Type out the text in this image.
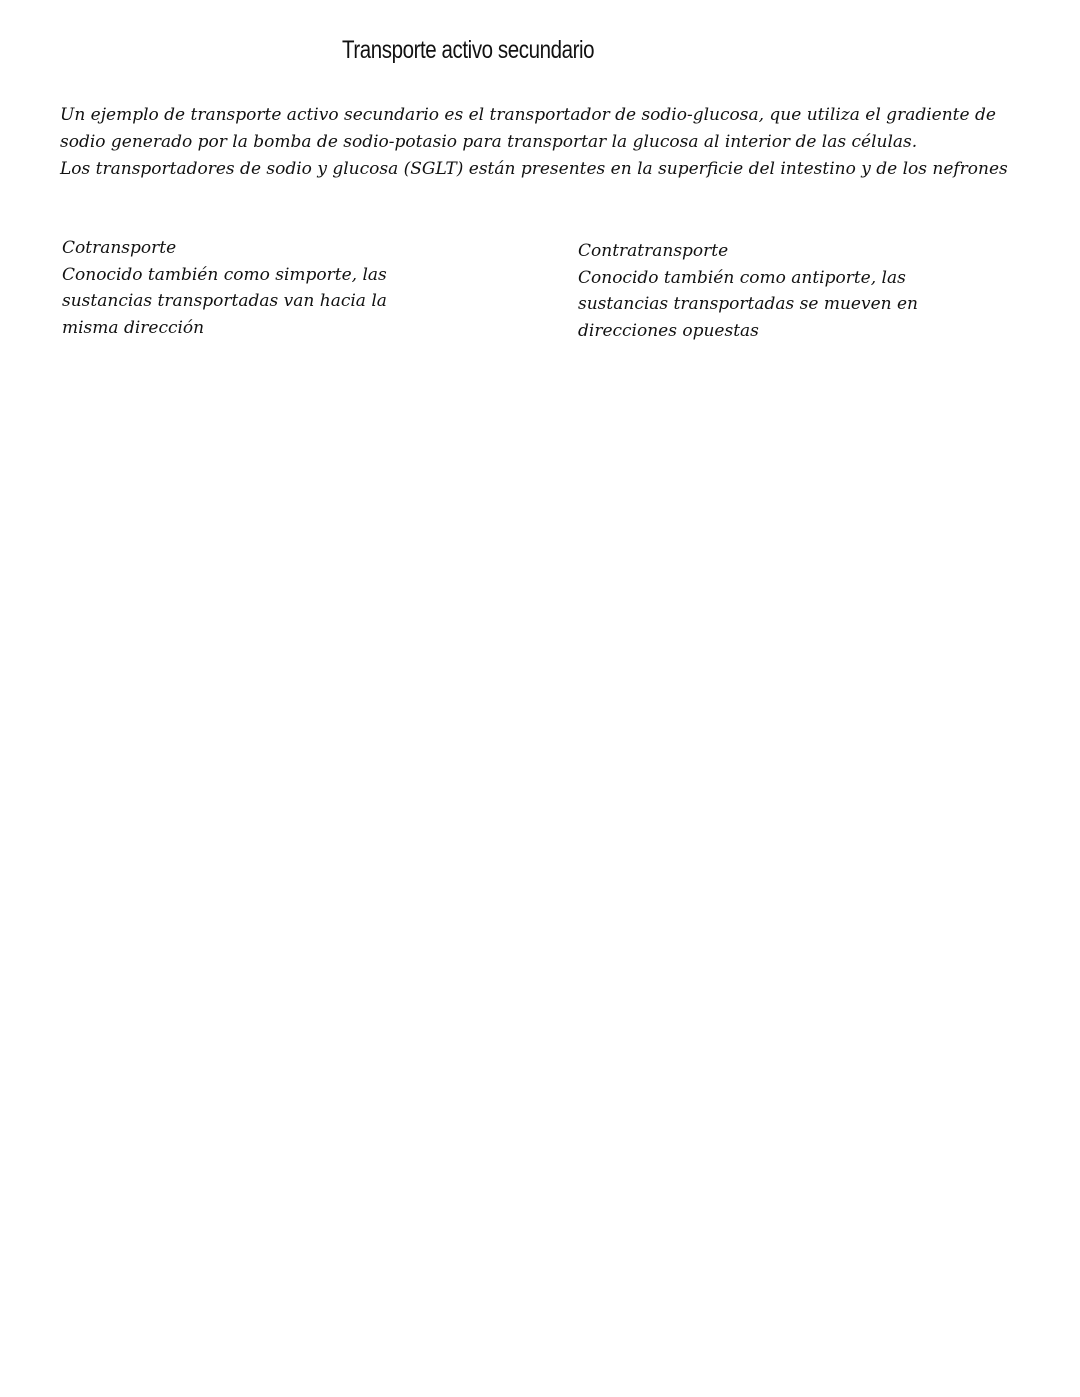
Transporte activo secundario

Un ejemplo de transporte activo secundario es el transportador de sodio-glucosa, que utiliza el gradiente de

sodio generado por la bomba de sodio-potasio para transportar la glucosa al interior de las células.

Los transportadores de sodio y glucosa (SGLT) están presentes en la superficie del intestino y de los nefrones

Cotransporte

Conocido también como simporte, las

sustancias transportadas van hacia la

misma dirección

Contratransporte

Conocido también como antiporte, las

sustancias transportadas se mueven en

direcciones opuestas
